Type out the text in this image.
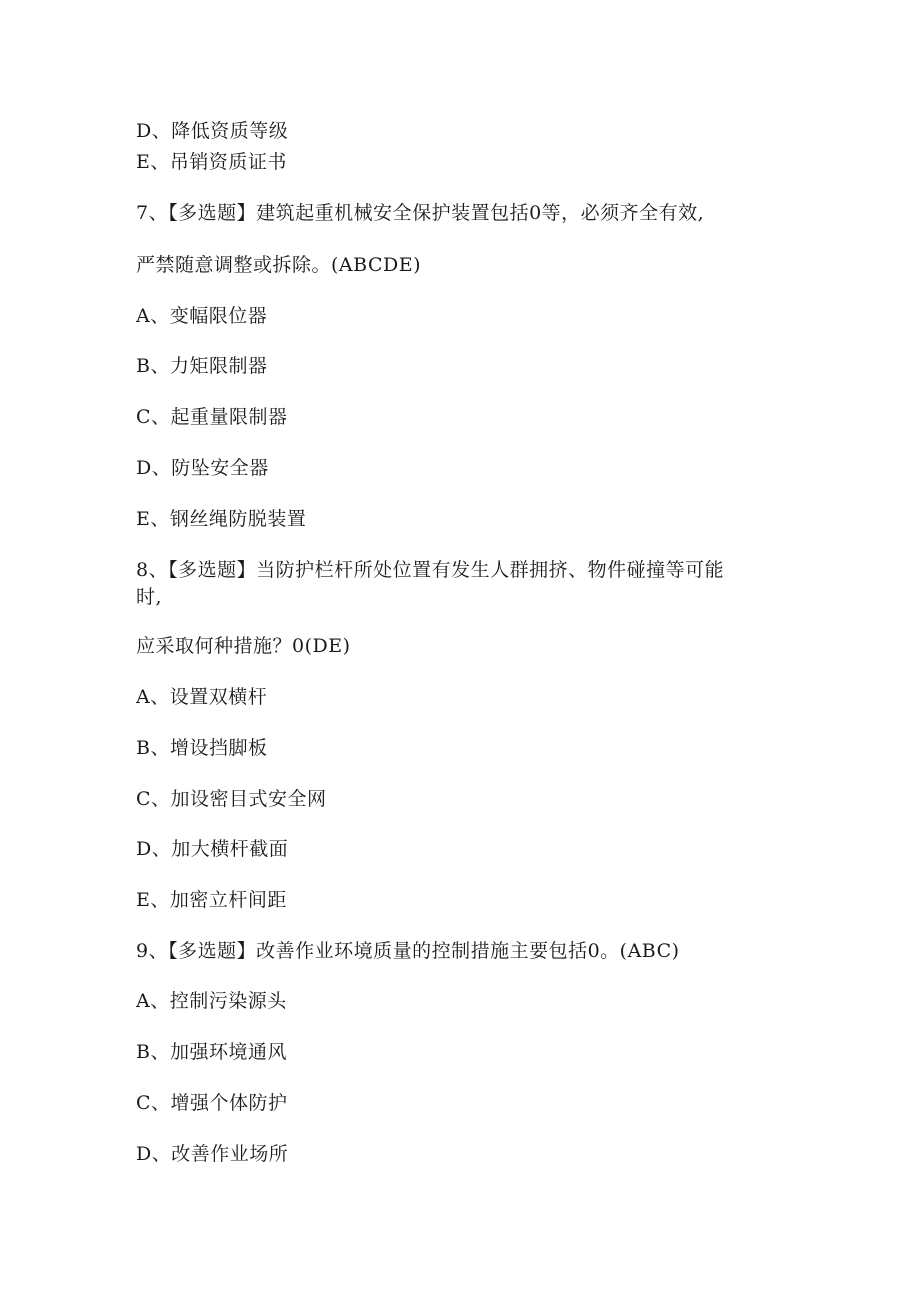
D、降低资质等级
E、吊销资质证书
7、【多选题】建筑起重机械安全保护装置包括0等，必须齐全有效,
严禁随意调整或拆除。(ABCDE)
A、变幅限位器
B、力矩限制器
C、起重量限制器
D、防坠安全器
E、钢丝绳防脱装置
8、【多选题】当防护栏杆所处位置有发生人群拥挤、物件碰撞等可能
时,
应采取何种措施？0(DE)
A、设置双横杆
B、增设挡脚板
C、加设密目式安全网
D、加大横杆截面
E、加密立杆间距
9、【多选题】改善作业环境质量的控制措施主要包括0。(ABC)
A、控制污染源头
B、加强环境通风
C、增强个体防护
D、改善作业场所
